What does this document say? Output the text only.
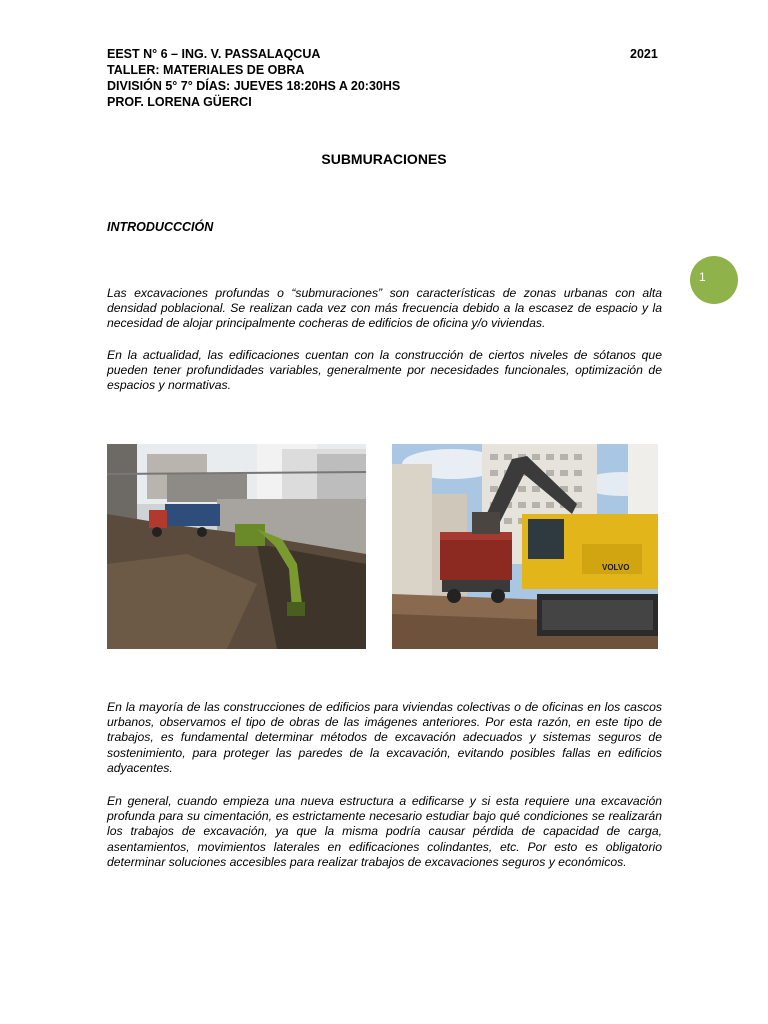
EEST N° 6 – ING. V. PASSALAQCUA
TALLER: MATERIALES DE OBRA
DIVISIÓN 5° 7° DÍAS: JUEVES 18:20HS A 20:30HS
PROF. LORENA GÜERCI
2021
SUBMURACIONES
INTRODUCCCIÓN
1
Las excavaciones profundas o “submuraciones” son características de zonas urbanas con alta densidad poblacional. Se realizan cada vez con más frecuencia debido a la escasez de espacio y la necesidad de alojar principalmente cocheras de edificios de oficina y/o viviendas.
En la actualidad, las edificaciones cuentan con la construcción de ciertos niveles de sótanos que pueden tener profundidades variables, generalmente por necesidades funcionales, optimización de espacios y normativas.
VOLVO
En la mayoría de las construcciones de edificios para viviendas colectivas o de oficinas en los cascos urbanos, observamos el tipo de obras de las imágenes anteriores. Por esta razón, en este tipo de trabajos, es fundamental determinar métodos de excavación adecuados y sistemas seguros de sostenimiento, para proteger las paredes de la excavación, evitando posibles fallas en edificios adyacentes.
En general, cuando empieza una nueva estructura a edificarse y si esta requiere una excavación profunda para su cimentación, es estrictamente necesario estudiar bajo qué condiciones se realizarán los trabajos de excavación, ya que la misma podría causar pérdida de capacidad de carga, asentamientos, movimientos laterales en edificaciones colindantes, etc. Por esto es obligatorio determinar soluciones accesibles para realizar trabajos de excavaciones seguros y económicos.
